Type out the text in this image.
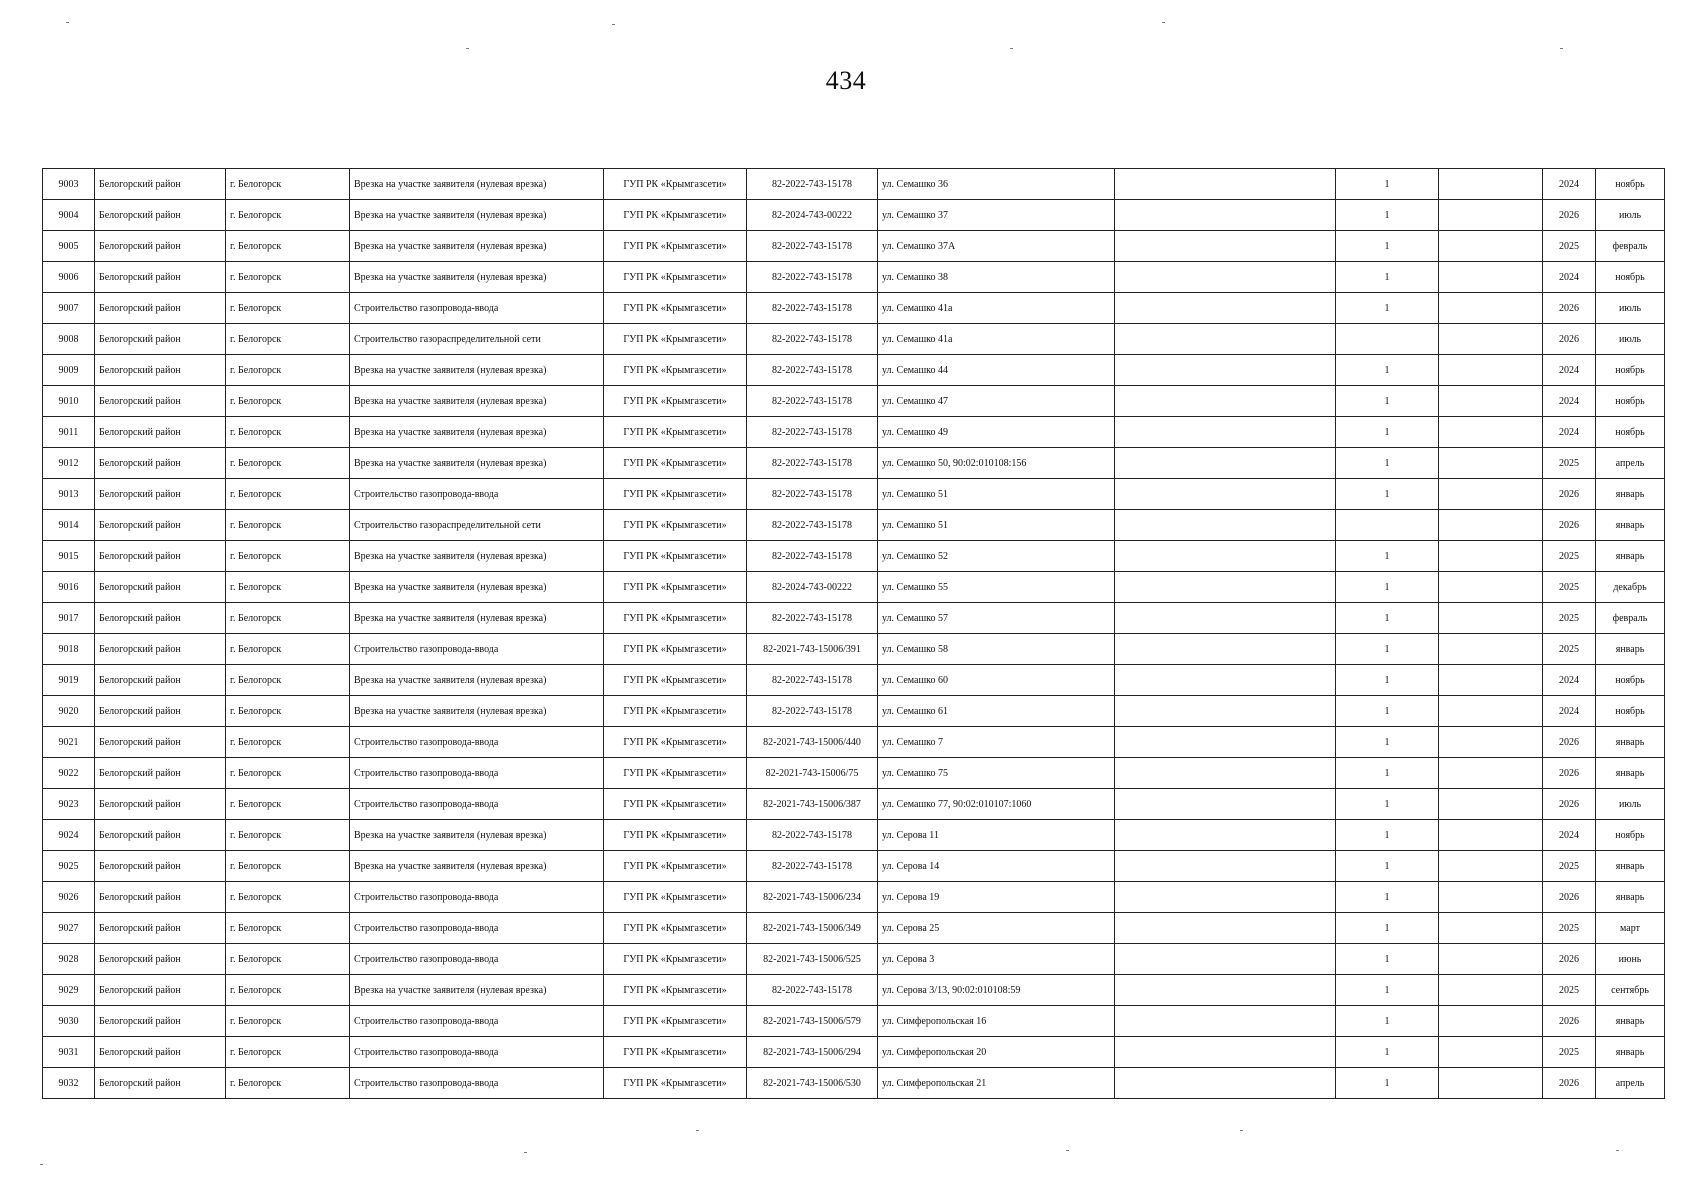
434
9003	Белогорский район	г. Белогорск	Врезка на участке заявителя (нулевая врезка)	ГУП РК «Крымгазсети»	82-2022-743-15178	ул. Семашко 36		1		2024	ноябрь
9004	Белогорский район	г. Белогорск	Врезка на участке заявителя (нулевая врезка)	ГУП РК «Крымгазсети»	82-2024-743-00222	ул. Семашко 37		1		2026	июль
9005	Белогорский район	г. Белогорск	Врезка на участке заявителя (нулевая врезка)	ГУП РК «Крымгазсети»	82-2022-743-15178	ул. Семашко 37А		1		2025	февраль
9006	Белогорский район	г. Белогорск	Врезка на участке заявителя (нулевая врезка)	ГУП РК «Крымгазсети»	82-2022-743-15178	ул. Семашко 38		1		2024	ноябрь
9007	Белогорский район	г. Белогорск	Строительство газопровода-ввода	ГУП РК «Крымгазсети»	82-2022-743-15178	ул. Семашко 41а		1		2026	июль
9008	Белогорский район	г. Белогорск	Строительство газораспределительной сети	ГУП РК «Крымгазсети»	82-2022-743-15178	ул. Семашко 41а				2026	июль
9009	Белогорский район	г. Белогорск	Врезка на участке заявителя (нулевая врезка)	ГУП РК «Крымгазсети»	82-2022-743-15178	ул. Семашко 44		1		2024	ноябрь
9010	Белогорский район	г. Белогорск	Врезка на участке заявителя (нулевая врезка)	ГУП РК «Крымгазсети»	82-2022-743-15178	ул. Семашко 47		1		2024	ноябрь
9011	Белогорский район	г. Белогорск	Врезка на участке заявителя (нулевая врезка)	ГУП РК «Крымгазсети»	82-2022-743-15178	ул. Семашко 49		1		2024	ноябрь
9012	Белогорский район	г. Белогорск	Врезка на участке заявителя (нулевая врезка)	ГУП РК «Крымгазсети»	82-2022-743-15178	ул. Семашко 50, 90:02:010108:156		1		2025	апрель
9013	Белогорский район	г. Белогорск	Строительство газопровода-ввода	ГУП РК «Крымгазсети»	82-2022-743-15178	ул. Семашко 51		1		2026	январь
9014	Белогорский район	г. Белогорск	Строительство газораспределительной сети	ГУП РК «Крымгазсети»	82-2022-743-15178	ул. Семашко 51				2026	январь
9015	Белогорский район	г. Белогорск	Врезка на участке заявителя (нулевая врезка)	ГУП РК «Крымгазсети»	82-2022-743-15178	ул. Семашко 52		1		2025	январь
9016	Белогорский район	г. Белогорск	Врезка на участке заявителя (нулевая врезка)	ГУП РК «Крымгазсети»	82-2024-743-00222	ул. Семашко 55		1		2025	декабрь
9017	Белогорский район	г. Белогорск	Врезка на участке заявителя (нулевая врезка)	ГУП РК «Крымгазсети»	82-2022-743-15178	ул. Семашко 57		1		2025	февраль
9018	Белогорский район	г. Белогорск	Строительство газопровода-ввода	ГУП РК «Крымгазсети»	82-2021-743-15006/391	ул. Семашко 58		1		2025	январь
9019	Белогорский район	г. Белогорск	Врезка на участке заявителя (нулевая врезка)	ГУП РК «Крымгазсети»	82-2022-743-15178	ул. Семашко 60		1		2024	ноябрь
9020	Белогорский район	г. Белогорск	Врезка на участке заявителя (нулевая врезка)	ГУП РК «Крымгазсети»	82-2022-743-15178	ул. Семашко 61		1		2024	ноябрь
9021	Белогорский район	г. Белогорск	Строительство газопровода-ввода	ГУП РК «Крымгазсети»	82-2021-743-15006/440	ул. Семашко 7		1		2026	январь
9022	Белогорский район	г. Белогорск	Строительство газопровода-ввода	ГУП РК «Крымгазсети»	82-2021-743-15006/75	ул. Семашко 75		1		2026	январь
9023	Белогорский район	г. Белогорск	Строительство газопровода-ввода	ГУП РК «Крымгазсети»	82-2021-743-15006/387	ул. Семашко 77, 90:02:010107:1060		1		2026	июль
9024	Белогорский район	г. Белогорск	Врезка на участке заявителя (нулевая врезка)	ГУП РК «Крымгазсети»	82-2022-743-15178	ул. Серова 11		1		2024	ноябрь
9025	Белогорский район	г. Белогорск	Врезка на участке заявителя (нулевая врезка)	ГУП РК «Крымгазсети»	82-2022-743-15178	ул. Серова 14		1		2025	январь
9026	Белогорский район	г. Белогорск	Строительство газопровода-ввода	ГУП РК «Крымгазсети»	82-2021-743-15006/234	ул. Серова 19		1		2026	январь
9027	Белогорский район	г. Белогорск	Строительство газопровода-ввода	ГУП РК «Крымгазсети»	82-2021-743-15006/349	ул. Серова 25		1		2025	март
9028	Белогорский район	г. Белогорск	Строительство газопровода-ввода	ГУП РК «Крымгазсети»	82-2021-743-15006/525	ул. Серова 3		1		2026	июнь
9029	Белогорский район	г. Белогорск	Врезка на участке заявителя (нулевая врезка)	ГУП РК «Крымгазсети»	82-2022-743-15178	ул. Серова 3/13, 90:02:010108:59		1		2025	сентябрь
9030	Белогорский район	г. Белогорск	Строительство газопровода-ввода	ГУП РК «Крымгазсети»	82-2021-743-15006/579	ул. Симферопольская 16		1		2026	январь
9031	Белогорский район	г. Белогорск	Строительство газопровода-ввода	ГУП РК «Крымгазсети»	82-2021-743-15006/294	ул. Симферопольская 20		1		2025	январь
9032	Белогорский район	г. Белогорск	Строительство газопровода-ввода	ГУП РК «Крымгазсети»	82-2021-743-15006/530	ул. Симферопольская 21		1		2026	апрель
